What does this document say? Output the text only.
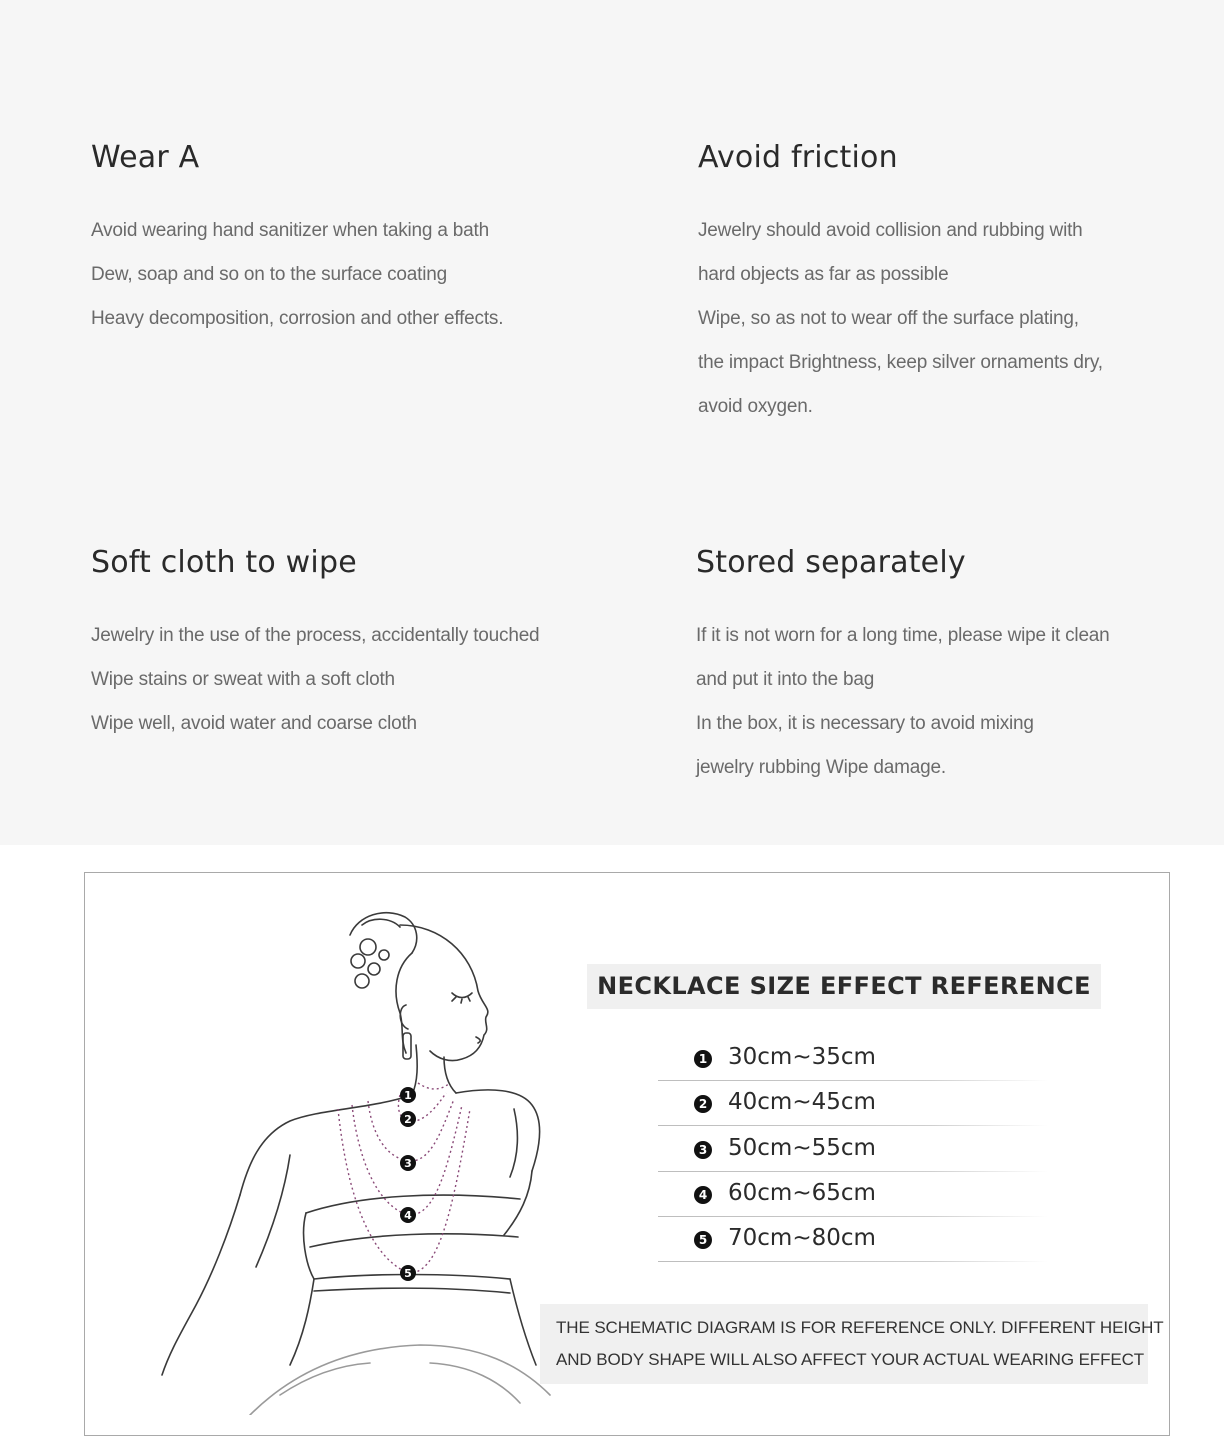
Wear A

Avoid wearing hand sanitizer when taking a bath

Dew, soap and so on to the surface coating

Heavy decomposition, corrosion and other effects.

Avoid friction

Jewelry should avoid collision and rubbing with

hard objects as far as possible

Wipe, so as not to wear off the surface plating,

the impact Brightness, keep silver ornaments dry,

avoid oxygen.

Soft cloth to wipe

Jewelry in the use of the process, accidentally touched

Wipe stains or sweat with a soft cloth

Wipe well, avoid water and coarse cloth

Stored separately

If it is not worn for a long time, please wipe it clean

and put it into the bag

In the box, it is necessary to avoid mixing

jewelry rubbing Wipe damage.

1
2
3
4
5
NECKLACE SIZE EFFECT REFERENCE
1 30cm~35cm
2 40cm~45cm
3 50cm~55cm
4 60cm~65cm
5 70cm~80cm

THE SCHEMATIC DIAGRAM IS FOR REFERENCE ONLY. DIFFERENT HEIGHT

AND BODY SHAPE WILL ALSO AFFECT YOUR ACTUAL WEARING EFFECT
